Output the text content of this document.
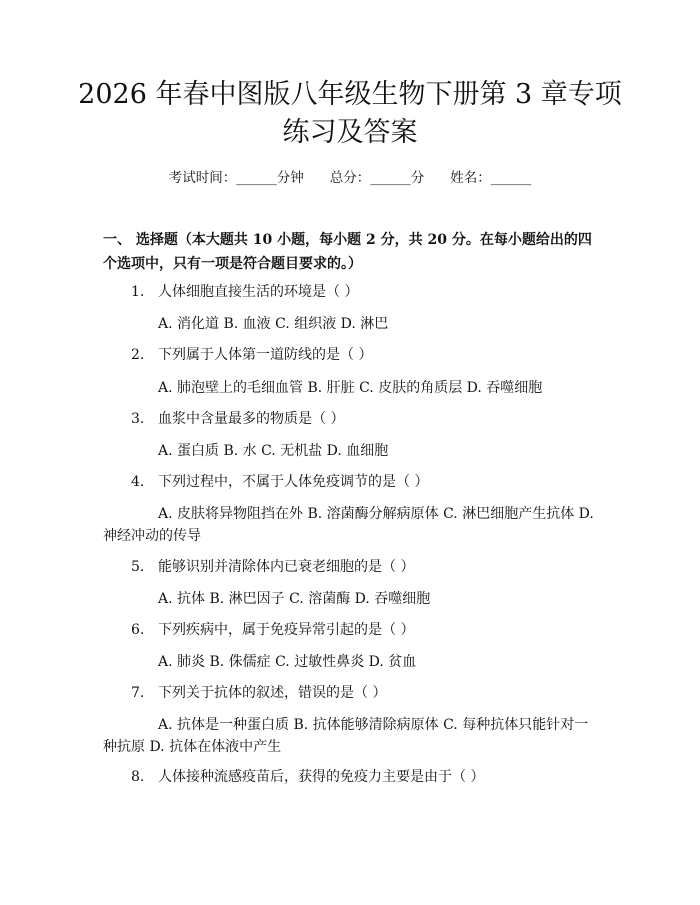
2026 年春中图版八年级生物下册第 3 章专项
练习及答案
考试时间：______分钟 总分：______分 姓名：______
一、 选择题（本大题共 10 小题，每小题 2 分，共 20 分。在每小题给出的四个选项中，只有一项是符合题目要求的。）
1. 人体细胞直接生活的环境是（ ）
A. 消化道 B. 血液 C. 组织液 D. 淋巴
2. 下列属于人体第一道防线的是（ ）
A. 肺泡壁上的毛细血管 B. 肝脏 C. 皮肤的角质层 D. 吞噬细胞
3. 血浆中含量最多的物质是（ ）
A. 蛋白质 B. 水 C. 无机盐 D. 血细胞
4. 下列过程中，不属于人体免疫调节的是（ ）
A. 皮肤将异物阻挡在外 B. 溶菌酶分解病原体 C. 淋巴细胞产生抗体 D. 神经冲动的传导
5. 能够识别并清除体内已衰老细胞的是（ ）
A. 抗体 B. 淋巴因子 C. 溶菌酶 D. 吞噬细胞
6. 下列疾病中，属于免疫异常引起的是（ ）
A. 肺炎 B. 侏儒症 C. 过敏性鼻炎 D. 贫血
7. 下列关于抗体的叙述，错误的是（ ）
A. 抗体是一种蛋白质 B. 抗体能够清除病原体 C. 每种抗体只能针对一种抗原 D. 抗体在体液中产生
8. 人体接种流感疫苗后，获得的免疫力主要是由于（ ）
